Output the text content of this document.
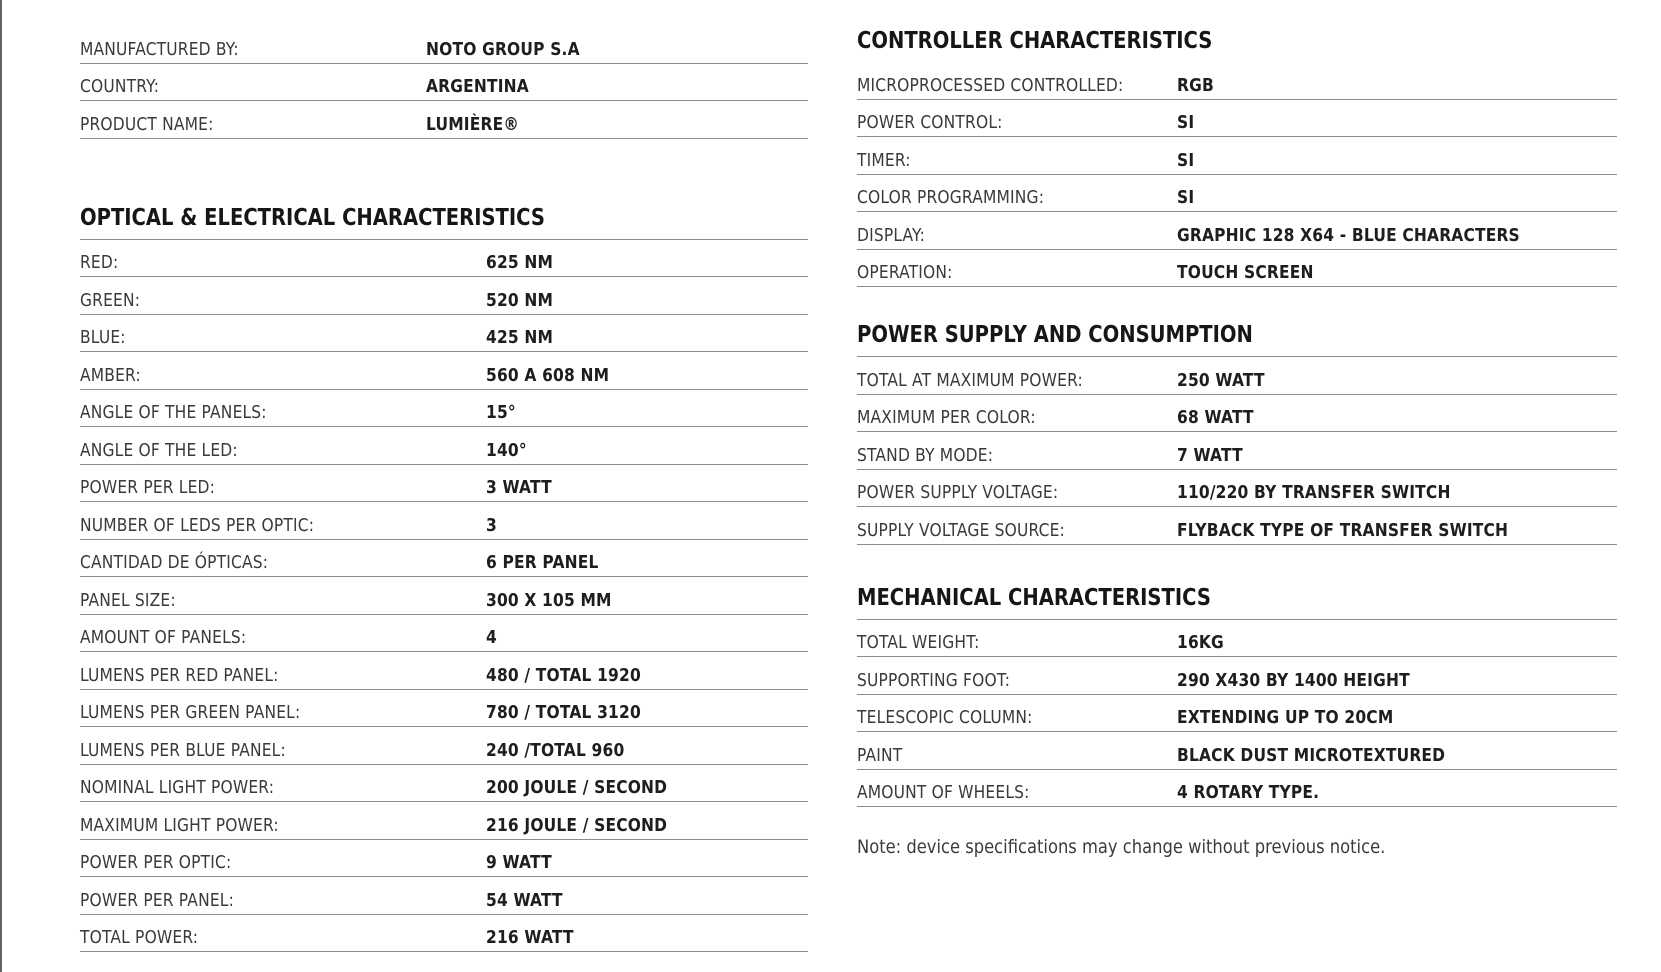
MANUFACTURED BY:	NOTO GROUP S.A
COUNTRY:	ARGENTINA
PRODUCT NAME:	LUMIÈRE®
OPTICAL & ELECTRICAL CHARACTERISTICS
RED:	625 NM
GREEN:	520 NM
BLUE:	425 NM
AMBER:	560 A 608 NM
ANGLE OF THE PANELS:	15°
ANGLE OF THE LED:	140°
POWER PER LED:	3 WATT
NUMBER OF LEDS PER OPTIC:	3
CANTIDAD DE ÓPTICAS:	6 PER PANEL
PANEL SIZE:	300 X 105 MM
AMOUNT OF PANELS:	4
LUMENS PER RED PANEL:	480 / TOTAL 1920
LUMENS PER GREEN PANEL:	780 / TOTAL 3120
LUMENS PER BLUE PANEL:	240 /TOTAL 960
NOMINAL LIGHT POWER:	200 JOULE / SECOND
MAXIMUM LIGHT POWER:	216 JOULE / SECOND
POWER PER OPTIC:	9 WATT
POWER PER PANEL:	54 WATT
TOTAL POWER:	216 WATT
CONTROLLER CHARACTERISTICS
MICROPROCESSED CONTROLLED:	RGB
POWER CONTROL:	SI
TIMER:	SI
COLOR PROGRAMMING:	SI
DISPLAY:	GRAPHIC 128 X64 - BLUE CHARACTERS
OPERATION:	TOUCH SCREEN
POWER SUPPLY AND CONSUMPTION
TOTAL AT MAXIMUM POWER:	250 WATT
MAXIMUM PER COLOR:	68 WATT
STAND BY MODE:	7 WATT
POWER SUPPLY VOLTAGE:	110/220 BY TRANSFER SWITCH
SUPPLY VOLTAGE SOURCE:	FLYBACK TYPE OF TRANSFER SWITCH
MECHANICAL CHARACTERISTICS
TOTAL WEIGHT:	16KG
SUPPORTING FOOT:	290 X430 BY 1400 HEIGHT
TELESCOPIC COLUMN:	EXTENDING UP TO 20CM
PAINT	BLACK DUST MICROTEXTURED
AMOUNT OF WHEELS:	4 ROTARY TYPE.
Note: device specifications may change without previous notice.
